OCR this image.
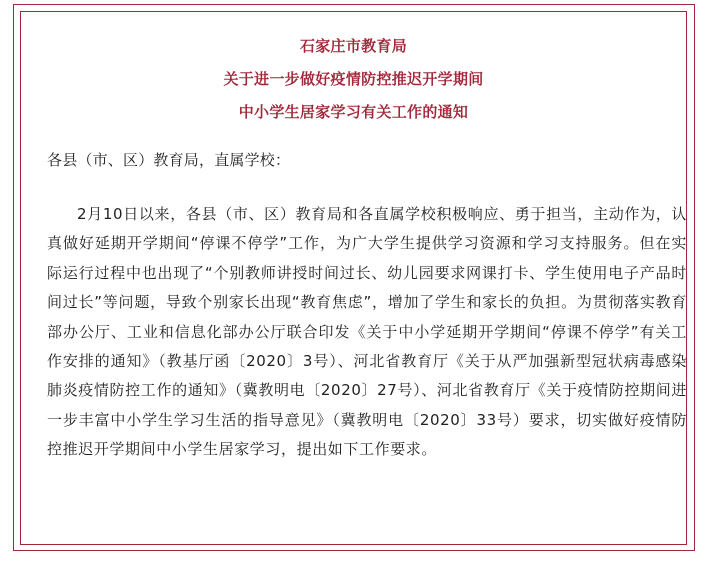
石家庄市教育局
关于进一步做好疫情防控推迟开学期间
中小学生居家学习有关工作的通知
各县（市、区）教育局，直属学校：

2月10日以来，各县（市、区）教育局和各直属学校积极响应、勇于担当，主动作为，认真做好延期开学期间“停课不停学”工作，为广大学生提供学习资源和学习支持服务。但在实际运行过程中也出现了“个别教师讲授时间过长、幼儿园要求网课打卡、学生使用电子产品时间过长”等问题，导致个别家长出现“教育焦虑”，增加了学生和家长的负担。为贯彻落实教育部办公厅、工业和信息化部办公厅联合印发《关于中小学延期开学期间“停课不停学”有关工作安排的通知》（教基厅函〔2020〕3号）、河北省教育厅《关于从严加强新型冠状病毒感染肺炎疫情防控工作的通知》（冀教明电〔2020〕27号）、河北省教育厅《关于疫情防控期间进一步丰富中小学生学习生活的指导意见》（冀教明电〔2020〕33号）要求，切实做好疫情防控推迟开学期间中小学生居家学习，提出如下工作要求。
